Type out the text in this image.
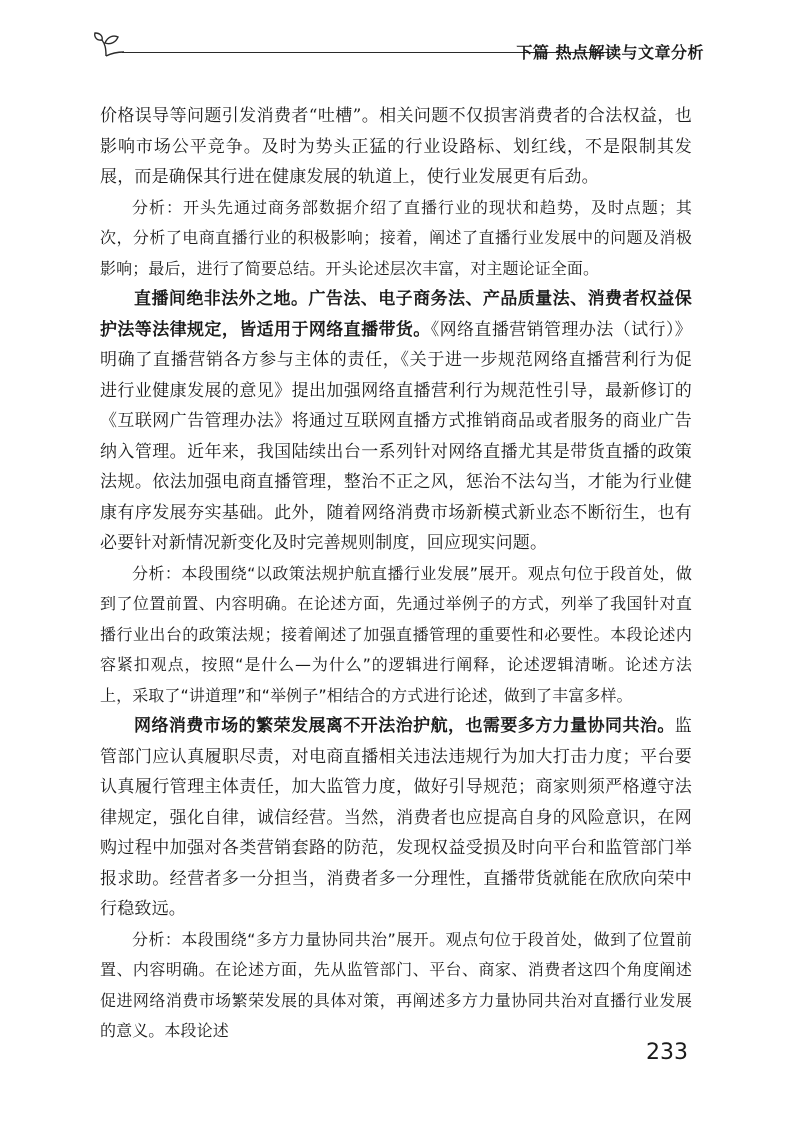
下篇 热点解读与文章分析

价格误导等问题引发消费者“吐槽”。相关问题不仅损害消费者的合法权益，也影响市场公平竞争。及时为势头正猛的行业设路标、划红线，不是限制其发展，而是确保其行进在健康发展的轨道上，使行业发展更有后劲。

分析：开头先通过商务部数据介绍了直播行业的现状和趋势，及时点题；其次，分析了电商直播行业的积极影响；接着，阐述了直播行业发展中的问题及消极影响；最后，进行了简要总结。开头论述层次丰富，对主题论证全面。

直播间绝非法外之地。广告法、电子商务法、产品质量法、消费者权益保护法等法律规定，皆适用于网络直播带货。《网络直播营销管理办法（试行）》明确了直播营销各方参与主体的责任，《关于进一步规范网络直播营利行为促进行业健康发展的意见》提出加强网络直播营利行为规范性引导，最新修订的《互联网广告管理办法》将通过互联网直播方式推销商品或者服务的商业广告纳入管理。近年来，我国陆续出台一系列针对网络直播尤其是带货直播的政策法规。依法加强电商直播管理，整治不正之风，惩治不法勾当，才能为行业健康有序发展夯实基础。此外，随着网络消费市场新模式新业态不断衍生，也有必要针对新情况新变化及时完善规则制度，回应现实问题。

分析：本段围绕“以政策法规护航直播行业发展”展开。观点句位于段首处，做到了位置前置、内容明确。在论述方面，先通过举例子的方式，列举了我国针对直播行业出台的政策法规；接着阐述了加强直播管理的重要性和必要性。本段论述内容紧扣观点，按照“是什么—为什么”的逻辑进行阐释，论述逻辑清晰。论述方法上，采取了“讲道理”和“举例子”相结合的方式进行论述，做到了丰富多样。

网络消费市场的繁荣发展离不开法治护航，也需要多方力量协同共治。监管部门应认真履职尽责，对电商直播相关违法违规行为加大打击力度；平台要认真履行管理主体责任，加大监管力度，做好引导规范；商家则须严格遵守法律规定，强化自律，诚信经营。当然，消费者也应提高自身的风险意识，在网购过程中加强对各类营销套路的防范，发现权益受损及时向平台和监管部门举报求助。经营者多一分担当，消费者多一分理性，直播带货就能在欣欣向荣中行稳致远。

分析：本段围绕“多方力量协同共治”展开。观点句位于段首处，做到了位置前置、内容明确。在论述方面，先从监管部门、平台、商家、消费者这四个角度阐述促进网络消费市场繁荣发展的具体对策，再阐述多方力量协同共治对直播行业发展的意义。本段论述

233
